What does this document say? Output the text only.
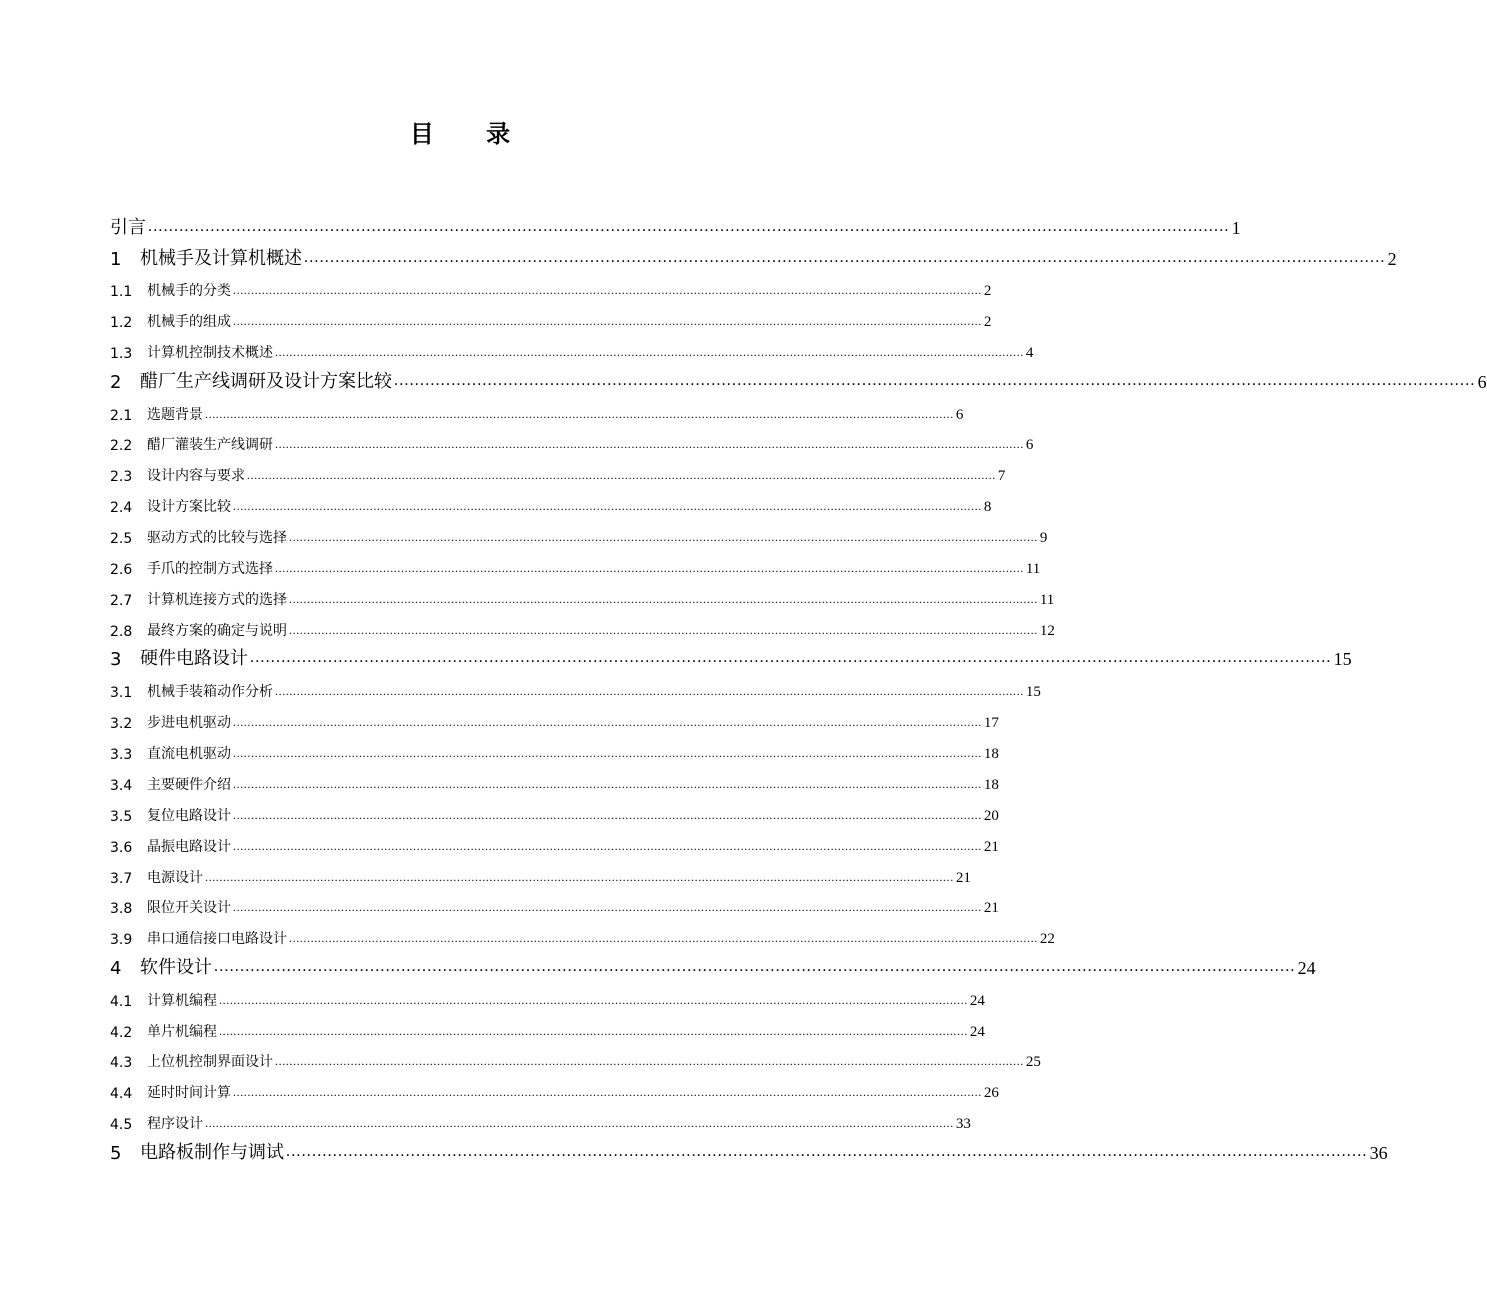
目 录
引言 ................................................................................................................................................................................................................ 1
1	机械手及计算机概述 ................................................................................................................................................................................................................ 2
1.1	机械手的分类 ................................................................................................................................................................................................................ 2
1.2	机械手的组成 ................................................................................................................................................................................................................ 2
1.3	计算机控制技术概述 ................................................................................................................................................................................................................ 4
2	醋厂生产线调研及设计方案比较 ................................................................................................................................................................................................................ 6
2.1	选题背景 ................................................................................................................................................................................................................ 6
2.2	醋厂灌装生产线调研 ................................................................................................................................................................................................................ 6
2.3	设计内容与要求 ................................................................................................................................................................................................................ 7
2.4	设计方案比较 ................................................................................................................................................................................................................ 8
2.5	驱动方式的比较与选择 ................................................................................................................................................................................................................ 9
2.6	手爪的控制方式选择 ................................................................................................................................................................................................................ 11
2.7	计算机连接方式的选择 ................................................................................................................................................................................................................ 11
2.8	最终方案的确定与说明 ................................................................................................................................................................................................................ 12
3	硬件电路设计 ................................................................................................................................................................................................................ 15
3.1	机械手装箱动作分析 ................................................................................................................................................................................................................ 15
3.2	步进电机驱动 ................................................................................................................................................................................................................ 17
3.3	直流电机驱动 ................................................................................................................................................................................................................ 18
3.4	主要硬件介绍 ................................................................................................................................................................................................................ 18
3.5	复位电路设计 ................................................................................................................................................................................................................ 20
3.6	晶振电路设计 ................................................................................................................................................................................................................ 21
3.7	电源设计 ................................................................................................................................................................................................................ 21
3.8	限位开关设计 ................................................................................................................................................................................................................ 21
3.9	串口通信接口电路设计 ................................................................................................................................................................................................................ 22
4	软件设计 ................................................................................................................................................................................................................ 24
4.1	计算机编程 ................................................................................................................................................................................................................ 24
4.2	单片机编程 ................................................................................................................................................................................................................ 24
4.3	上位机控制界面设计 ................................................................................................................................................................................................................ 25
4.4	延时时间计算 ................................................................................................................................................................................................................ 26
4.5	程序设计 ................................................................................................................................................................................................................ 33
5	电路板制作与调试 ................................................................................................................................................................................................................ 36
